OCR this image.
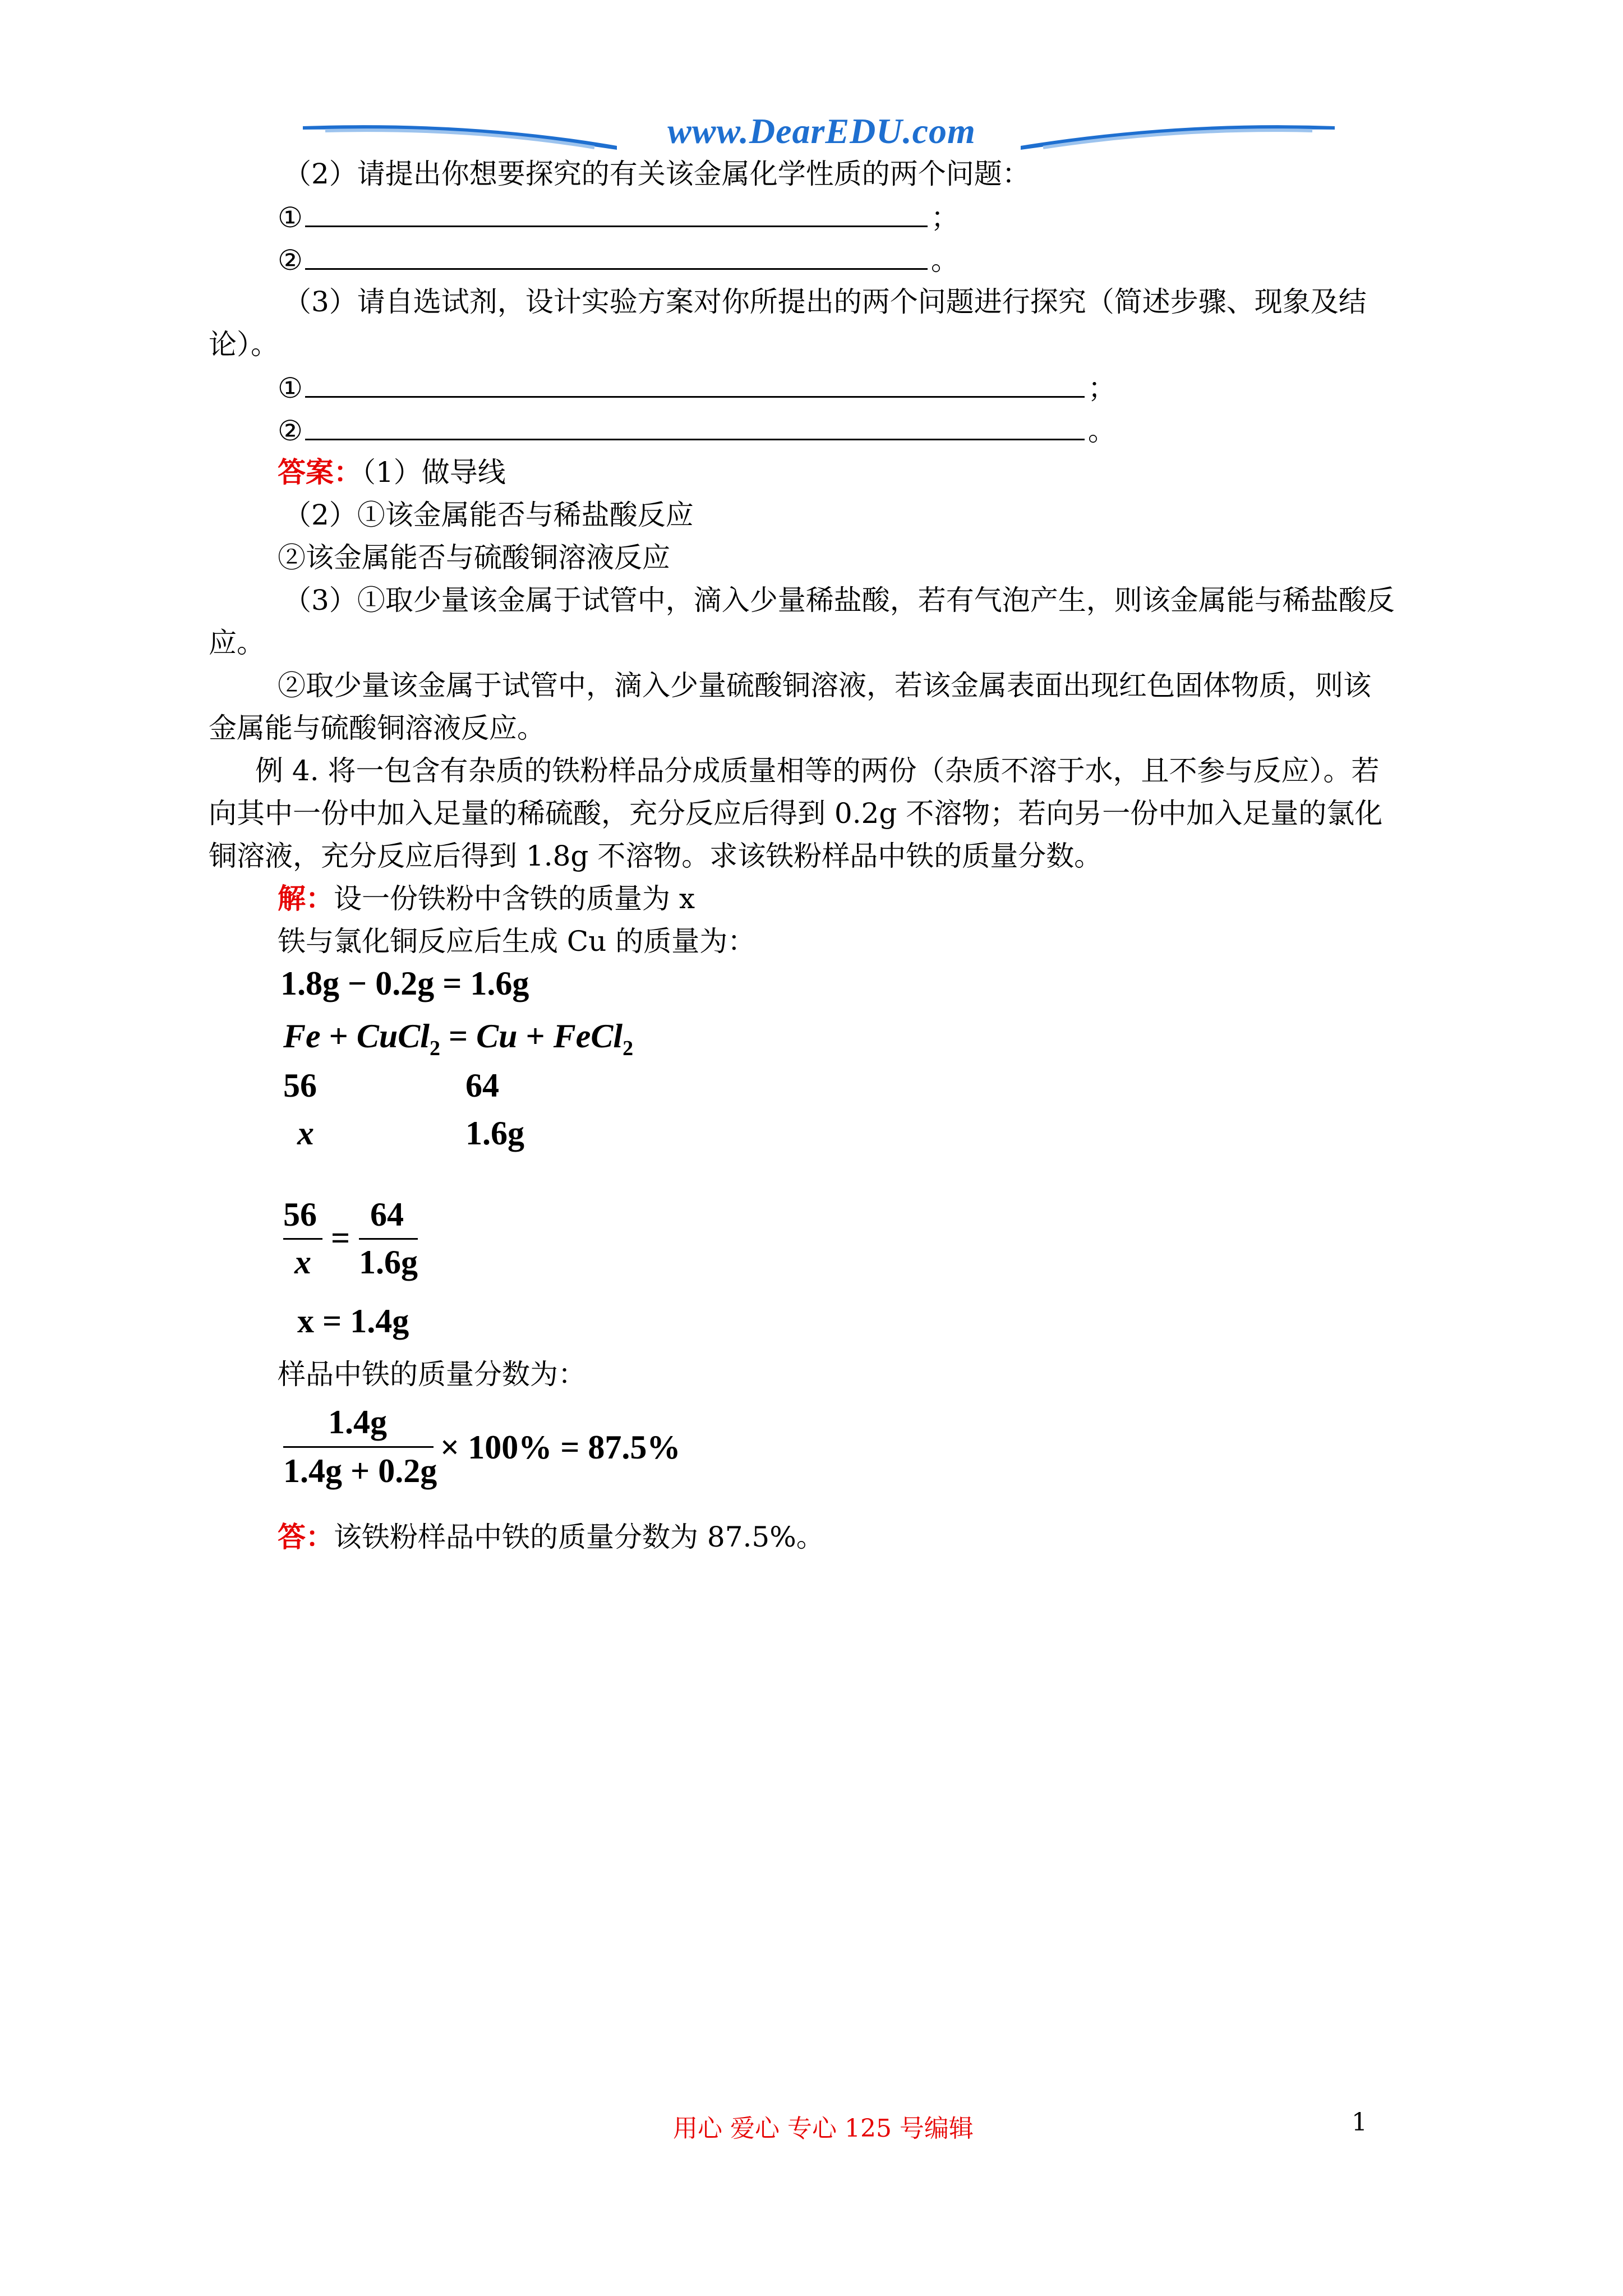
www.DearEDU.com
（2）请提出你想要探究的有关该金属化学性质的两个问题：
①	；
②	。
（3）请自选试剂，设计实验方案对你所提出的两个问题进行探究（简述步骤、现象及结
论）。
①	；
②	。
答案：（1）做导线
（2）①该金属能否与稀盐酸反应
②该金属能否与硫酸铜溶液反应
（3）①取少量该金属于试管中，滴入少量稀盐酸，若有气泡产生，则该金属能与稀盐酸反
应。
②取少量该金属于试管中，滴入少量硫酸铜溶液，若该金属表面出现红色固体物质，则该
金属能与硫酸铜溶液反应。
例 4. 将一包含有杂质的铁粉样品分成质量相等的两份（杂质不溶于水，且不参与反应）。若
向其中一份中加入足量的稀硫酸，充分反应后得到 0.2g 不溶物；若向另一份中加入足量的氯化
铜溶液，充分反应后得到 1.8g 不溶物。求该铁粉样品中铁的质量分数。
解：设一份铁粉中含铁的质量为 x
铁与氯化铜反应后生成 Cu 的质量为：
1.8g − 0.2g = 1.6g
Fe + CuCl$_2$ = Cu + FeCl$_2$
56	64
x	1.6g
56
x
=
64
1.6g
x = 1.4g
样品中铁的质量分数为：
1.4g
1.4g + 0.2g
× 100% = 87.5%
答：该铁粉样品中铁的质量分数为 87.5%。
用心 爱心 专心 125 号编辑	1
